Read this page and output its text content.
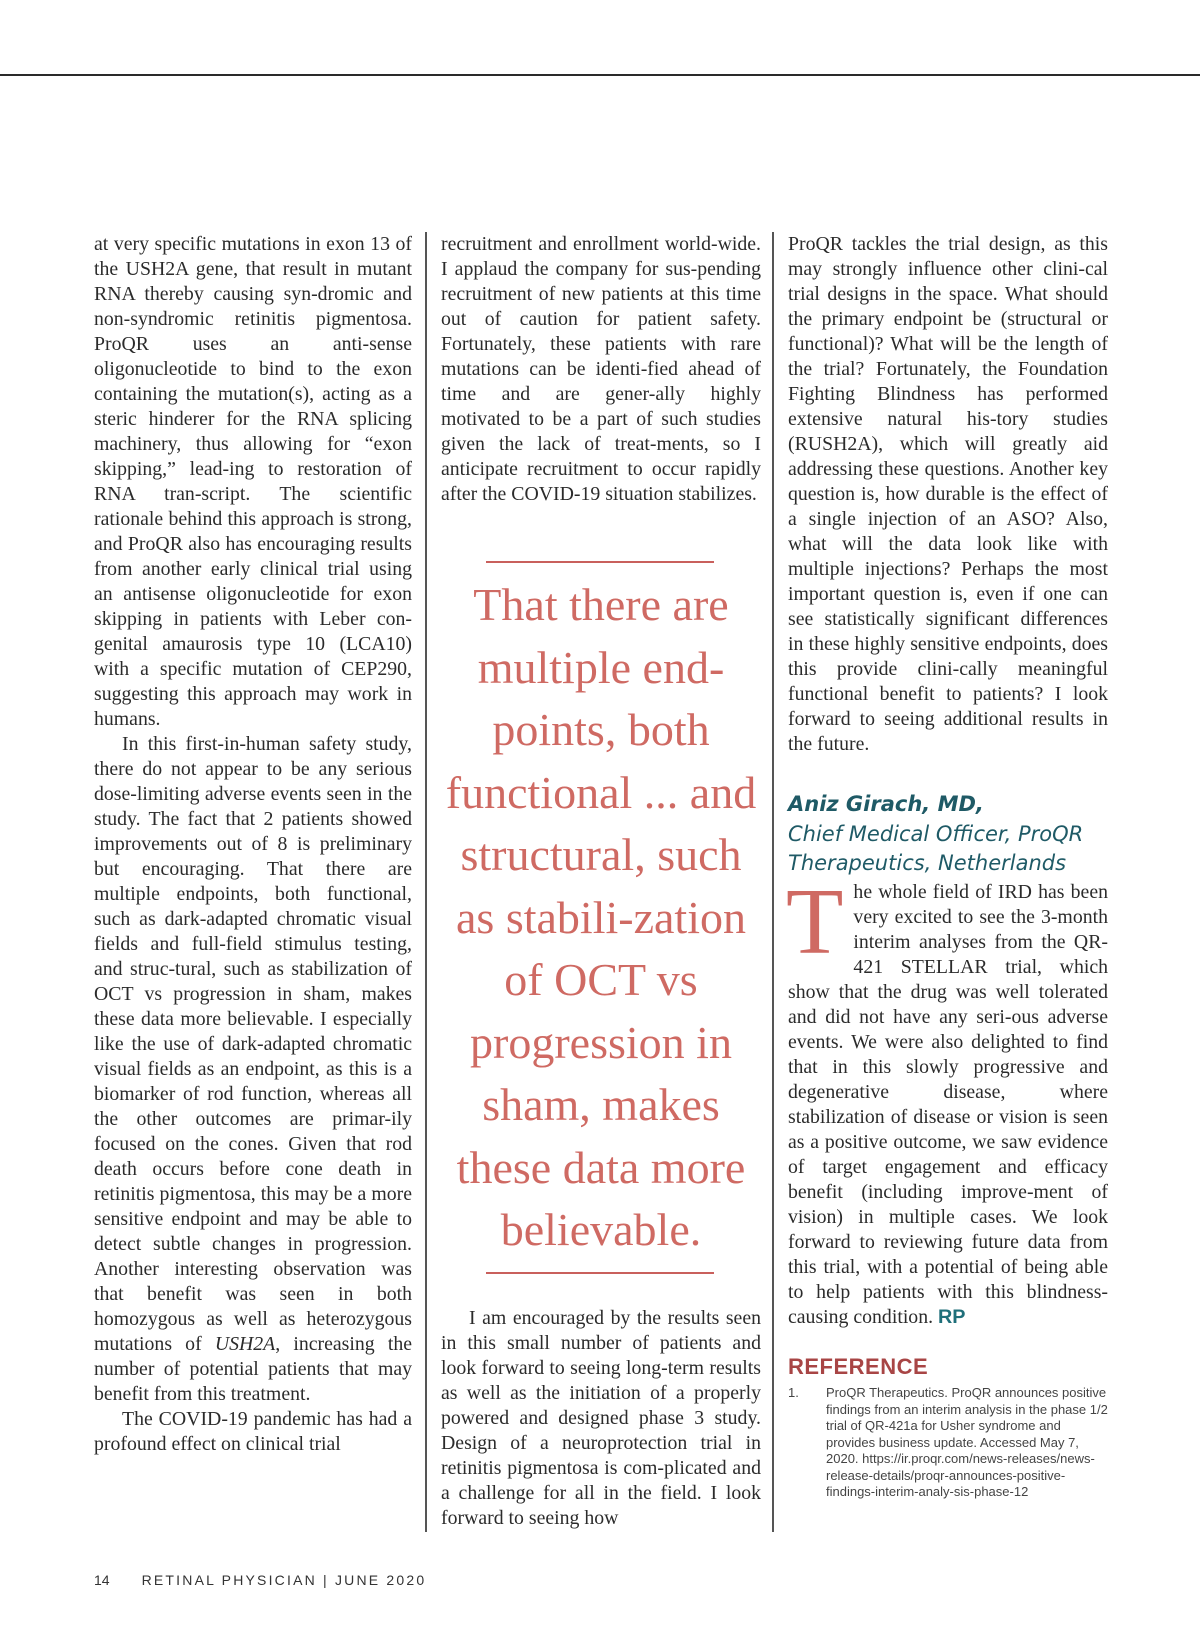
at very specific mutations in exon 13 of the USH2A gene, that result in mutant RNA thereby causing syn-dromic and non-syndromic retinitis pigmentosa. ProQR uses an anti-sense oligonucleotide to bind to the exon containing the mutation(s), acting as a steric hinderer for the RNA splicing machinery, thus allowing for “exon skipping,” lead-ing to restoration of RNA tran-script. The scientific rationale behind this approach is strong, and ProQR also has encouraging results from another early clinical trial using an antisense oligonucleotide for exon skipping in patients with Leber con-genital amaurosis type 10 (LCA10) with a specific mutation of CEP290, suggesting this approach may work in humans.

In this first-in-human safety study, there do not appear to be any serious dose-limiting adverse events seen in the study. The fact that 2 patients showed improvements out of 8 is preliminary but encouraging. That there are multiple endpoints, both functional, such as dark-adapted chromatic visual fields and full-field stimulus testing, and struc-tural, such as stabilization of OCT vs progression in sham, makes these data more believable. I especially like the use of dark-adapted chromatic visual fields as an endpoint, as this is a biomarker of rod function, whereas all the other outcomes are primar-ily focused on the cones. Given that rod death occurs before cone death in retinitis pigmentosa, this may be a more sensitive endpoint and may be able to detect subtle changes in progression. Another interesting observation was that benefit was seen in both homozygous as well as heterozygous mutations of USH2A, increasing the number of potential patients that may benefit from this treatment.

The COVID-19 pandemic has had a profound effect on clinical trial

recruitment and enrollment world-wide. I applaud the company for sus-pending recruitment of new patients at this time out of caution for patient safety. Fortunately, these patients with rare mutations can be identi-fied ahead of time and are gener-ally highly motivated to be a part of such studies given the lack of treat-ments, so I anticipate recruitment to occur rapidly after the COVID-19 situation stabilizes.

That there are multiple end-points, both functional ... and structural, such as stabili-zation of OCT vs progression in sham, makes these data more believable.

I am encouraged by the results seen in this small number of patients and look forward to seeing long-term results as well as the initiation of a properly powered and designed phase 3 study. Design of a neuroprotection trial in retinitis pigmentosa is com-plicated and a challenge for all in the field. I look forward to seeing how

ProQR tackles the trial design, as this may strongly influence other clini-cal trial designs in the space. What should the primary endpoint be (structural or functional)? What will be the length of the trial? Fortunately, the Foundation Fighting Blindness has performed extensive natural his-tory studies (RUSH2A), which will greatly aid addressing these questions. Another key question is, how durable is the effect of a single injection of an ASO? Also, what will the data look like with multiple injections? Perhaps the most important question is, even if one can see statistically significant differences in these highly sensitive endpoints, does this provide clini-cally meaningful functional benefit to patients? I look forward to seeing additional results in the future.

Aniz Girach, MD,
Chief Medical Officer, ProQR Therapeutics, Netherlands
The whole field of IRD has been very excited to see the 3-month interim analyses from the QR-421 STELLAR trial, which show that the drug was well tolerated and did not have any seri-ous adverse events. We were also delighted to find that in this slowly progressive and degenerative disease, where stabilization of disease or vision is seen as a positive outcome, we saw evidence of target engagement and efficacy benefit (including improve-ment of vision) in multiple cases. We look forward to reviewing future data from this trial, with a potential of being able to help patients with this blindness-causing condition. RP
REFERENCE
1. ProQR Therapeutics. ProQR announces positive findings from an interim analysis in the phase 1/2 trial of QR-421a for Usher syndrome and provides business update. Accessed May 7, 2020. https://ir.proqr.com/news-releases/news-release-details/proqr-announces-positive-findings-interim-analy-sis-phase-12
14 RETINAL PHYSICIAN | JUNE 2020
